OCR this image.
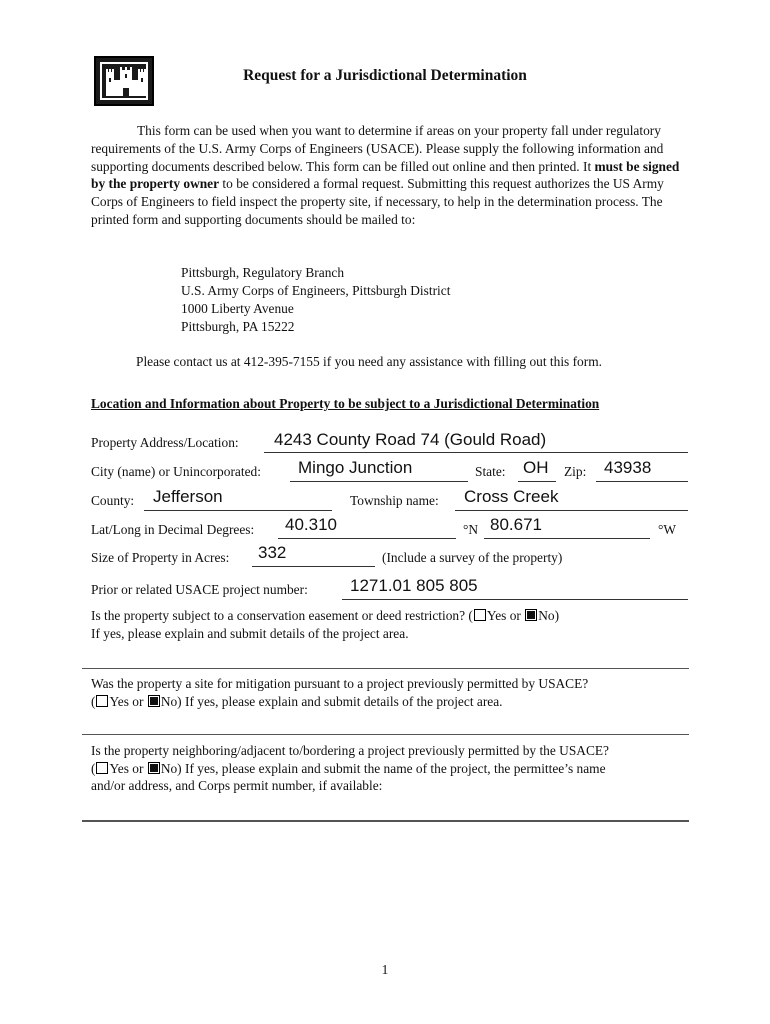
Request for a Jurisdictional Determination
This form can be used when you want to determine if areas on your property fall under regulatory requirements of the U.S. Army Corps of Engineers (USACE). Please supply the following information and supporting documents described below. This form can be filled out online and then printed. It must be signed by the property owner to be considered a formal request. Submitting this request authorizes the US Army Corps of Engineers to field inspect the property site, if necessary, to help in the determination process. The printed form and supporting documents should be mailed to:
Pittsburgh, Regulatory Branch
U.S. Army Corps of Engineers, Pittsburgh District
1000 Liberty Avenue
Pittsburgh, PA 15222
Please contact us at 412-395-7155 if you need any assistance with filling out this form.
Location and Information about Property to be subject to a Jurisdictional Determination
Property Address/Location: 4243 County Road 74 (Gould Road)
City (name) or Unincorporated: Mingo Junction	State: OH Zip: 43938
County: Jefferson	Township name: Cross Creek
Lat/Long in Decimal Degrees: 40.310	°N 80.671	°W
Size of Property in Acres: 332	(Include a survey of the property)
Prior or related USACE project number: 1271.01 805 805
Is the property subject to a conservation easement or deed restriction? ( Yes or No)
If yes, please explain and submit details of the project area.
Was the property a site for mitigation pursuant to a project previously permitted by USACE?
( Yes or No) If yes, please explain and submit details of the project area.
Is the property neighboring/adjacent to/bordering a project previously permitted by the USACE?
( Yes or No) If yes, please explain and submit the name of the project, the permittee’s name
and/or address, and Corps permit number, if available:
1
